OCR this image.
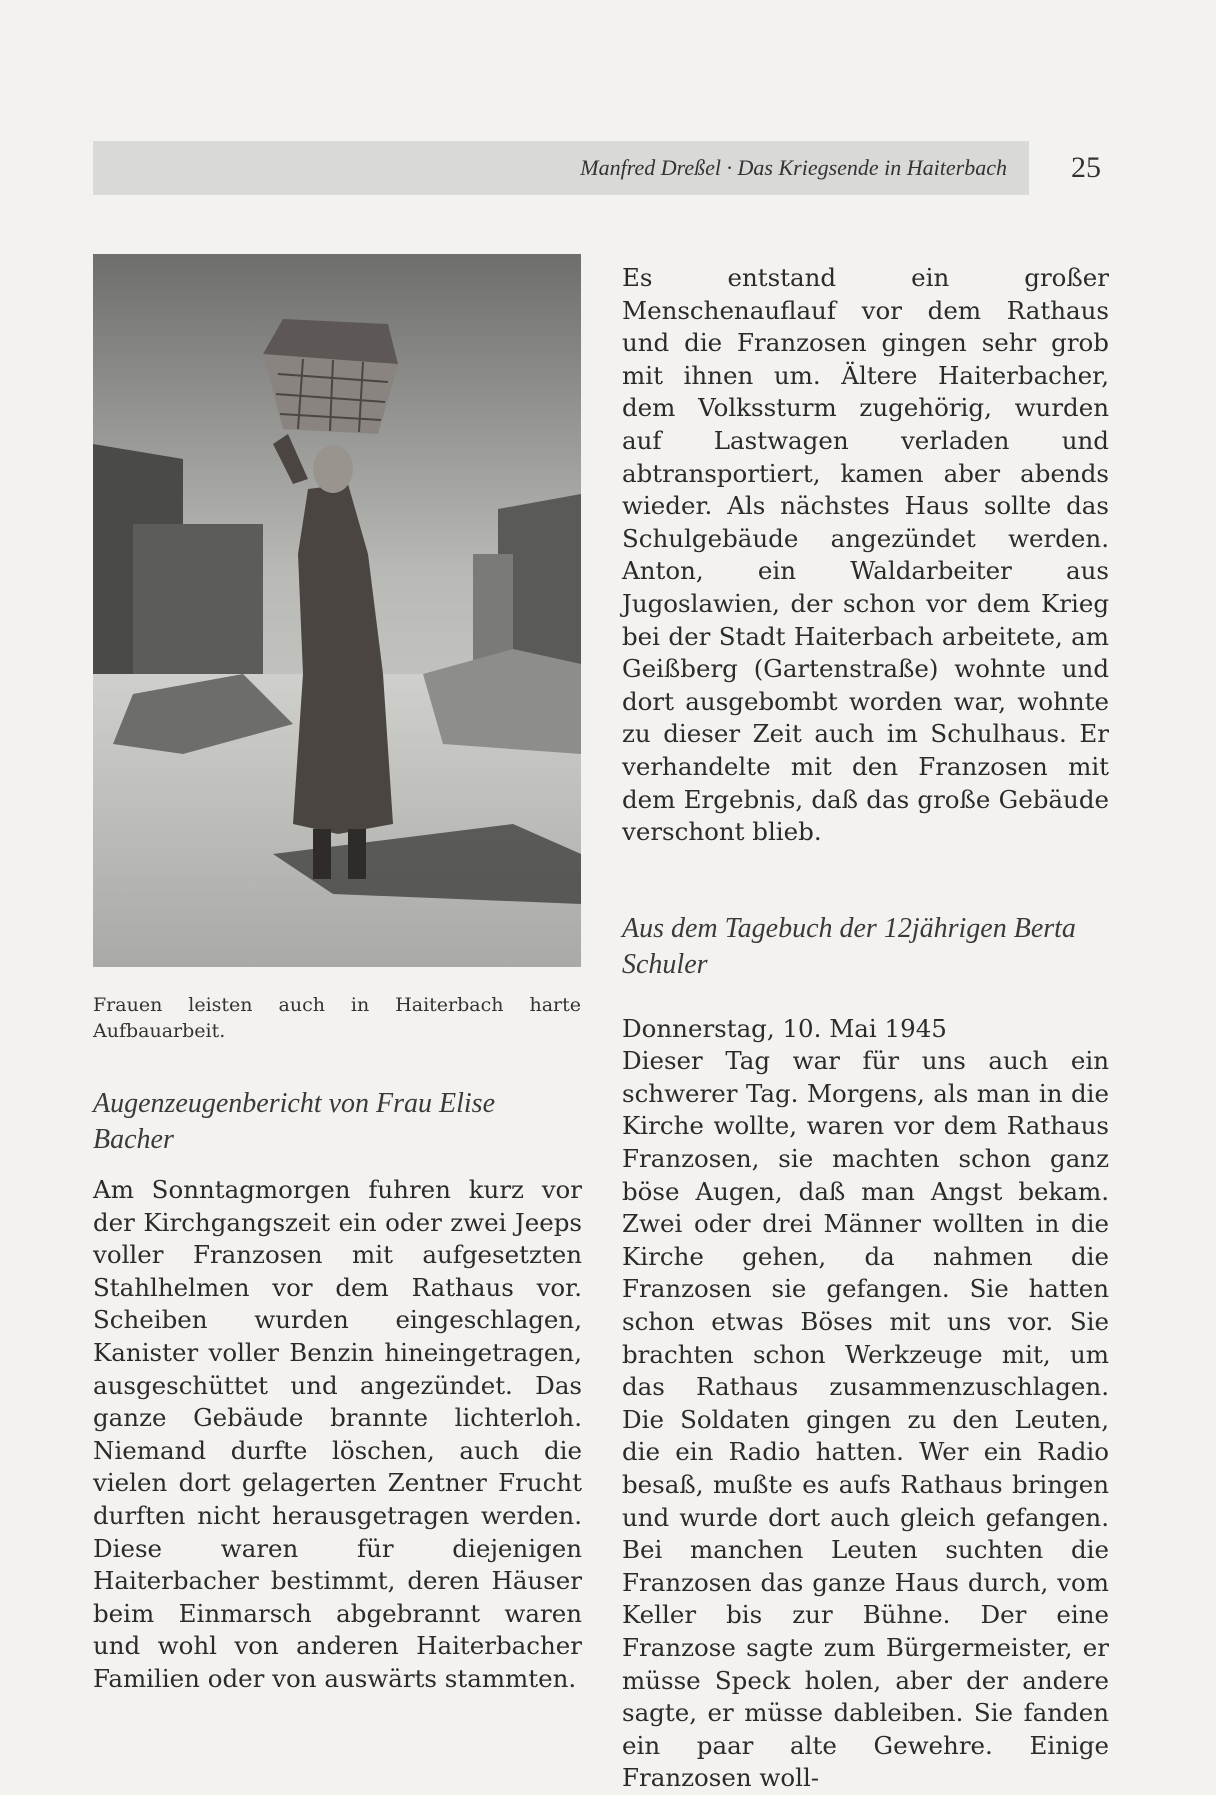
Manfred Dreßel · Das Kriegsende in Haiterbach 25
Frauen leisten auch in Haiterbach harte Aufbauarbeit.

Augenzeugenbericht von Frau Elise Bacher

Am Sonntagmorgen fuhren kurz vor der Kirchgangszeit ein oder zwei Jeeps voller Franzosen mit aufgesetzten Stahlhelmen vor dem Rathaus vor. Scheiben wurden eingeschlagen, Kanister voller Benzin hineingetragen, ausgeschüttet und angezündet. Das ganze Gebäude brannte lichterloh. Niemand durfte löschen, auch die vielen dort gelagerten Zentner Frucht durften nicht herausgetragen werden. Diese waren für diejenigen Haiterbacher bestimmt, deren Häuser beim Einmarsch abgebrannt waren und wohl von anderen Haiterbacher Familien oder von auswärts stammten.

Es entstand ein großer Menschenauflauf vor dem Rathaus und die Franzosen gingen sehr grob mit ihnen um. Ältere Haiterbacher, dem Volkssturm zugehörig, wurden auf Lastwagen verladen und abtransportiert, kamen aber abends wieder. Als nächstes Haus sollte das Schulgebäude angezündet werden. Anton, ein Waldarbeiter aus Jugoslawien, der schon vor dem Krieg bei der Stadt Haiterbach arbeitete, am Geißberg (Gartenstraße) wohnte und dort ausgebombt worden war, wohnte zu dieser Zeit auch im Schulhaus. Er verhandelte mit den Franzosen mit dem Ergebnis, daß das große Gebäude verschont blieb.

Aus dem Tagebuch der 12jährigen Berta Schuler

Donnerstag, 10. Mai 1945

Dieser Tag war für uns auch ein schwerer Tag. Morgens, als man in die Kirche wollte, waren vor dem Rathaus Franzosen, sie machten schon ganz böse Augen, daß man Angst bekam. Zwei oder drei Männer wollten in die Kirche gehen, da nahmen die Franzosen sie gefangen. Sie hatten schon etwas Böses mit uns vor. Sie brachten schon Werkzeuge mit, um das Rathaus zusammenzuschlagen. Die Soldaten gingen zu den Leuten, die ein Radio hatten. Wer ein Radio besaß, mußte es aufs Rathaus bringen und wurde dort auch gleich gefangen. Bei manchen Leuten suchten die Franzosen das ganze Haus durch, vom Keller bis zur Bühne. Der eine Franzose sagte zum Bürgermeister, er müsse Speck holen, aber der andere sagte, er müsse dableiben. Sie fanden ein paar alte Gewehre. Einige Franzosen woll-
